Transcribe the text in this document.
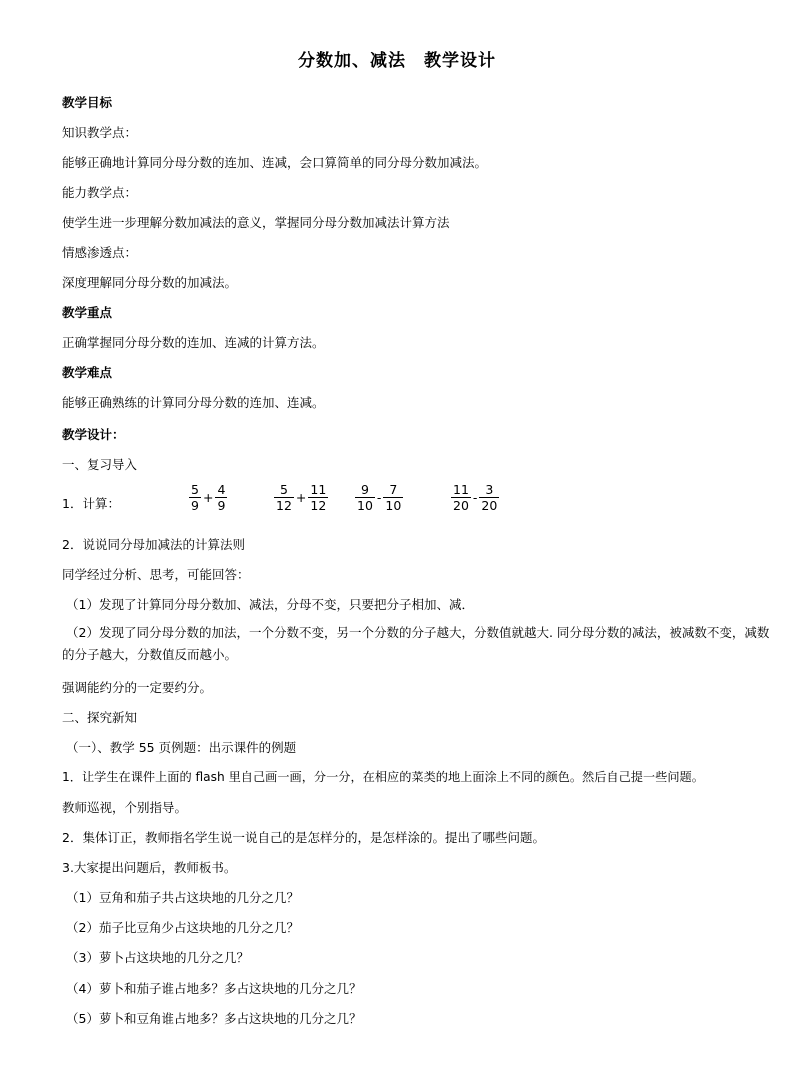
分数加、减法　教学设计
教学目标
知识教学点：
能够正确地计算同分母分数的连加、连减，会口算简单的同分母分数加减法。
能力教学点：
使学生进一步理解分数加减法的意义，掌握同分母分数加减法计算方法
情感渗透点：
深度理解同分母分数的加减法。
教学重点
正确掌握同分母分数的连加、连减的计算方法。
教学难点
能够正确熟练的计算同分母分数的连加、连减。
教学设计：
一、复习导入
1．计算：	$\frac{5}{9} + \frac{4}{9}$	$\frac{5}{12} + \frac{11}{12} \frac{9}{10} - \frac{7}{10}$	$\frac{11}{20} - \frac{3}{20}$
2．说说同分母加减法的计算法则
同学经过分析、思考，可能回答：
（1）发现了计算同分母分数加、减法，分母不变，只要把分子相加、减．
（2）发现了同分母分数的加法，一个分数不变，另一个分数的分子越大，分数值就越大. 同分母分数的减法，被减数不变，减数的分子越大，分数值反而越小。
强调能约分的一定要约分。
二、探究新知
（一）、教学 55 页例题：出示课件的例题
1．让学生在课件上面的 flash 里自己画一画，分一分，在相应的菜类的地上面涂上不同的颜色。然后自己提一些问题。
教师巡视，个别指导。
2．集体订正，教师指名学生说一说自己的是怎样分的，是怎样涂的。提出了哪些问题。
3.大家提出问题后，教师板书。
（1）豆角和茄子共占这块地的几分之几？
（2）茄子比豆角少占这块地的几分之几？
（3）萝卜占这块地的几分之几？
（4）萝卜和茄子谁占地多？多占这块地的几分之几？
（5）萝卜和豆角谁占地多？多占这块地的几分之几？
